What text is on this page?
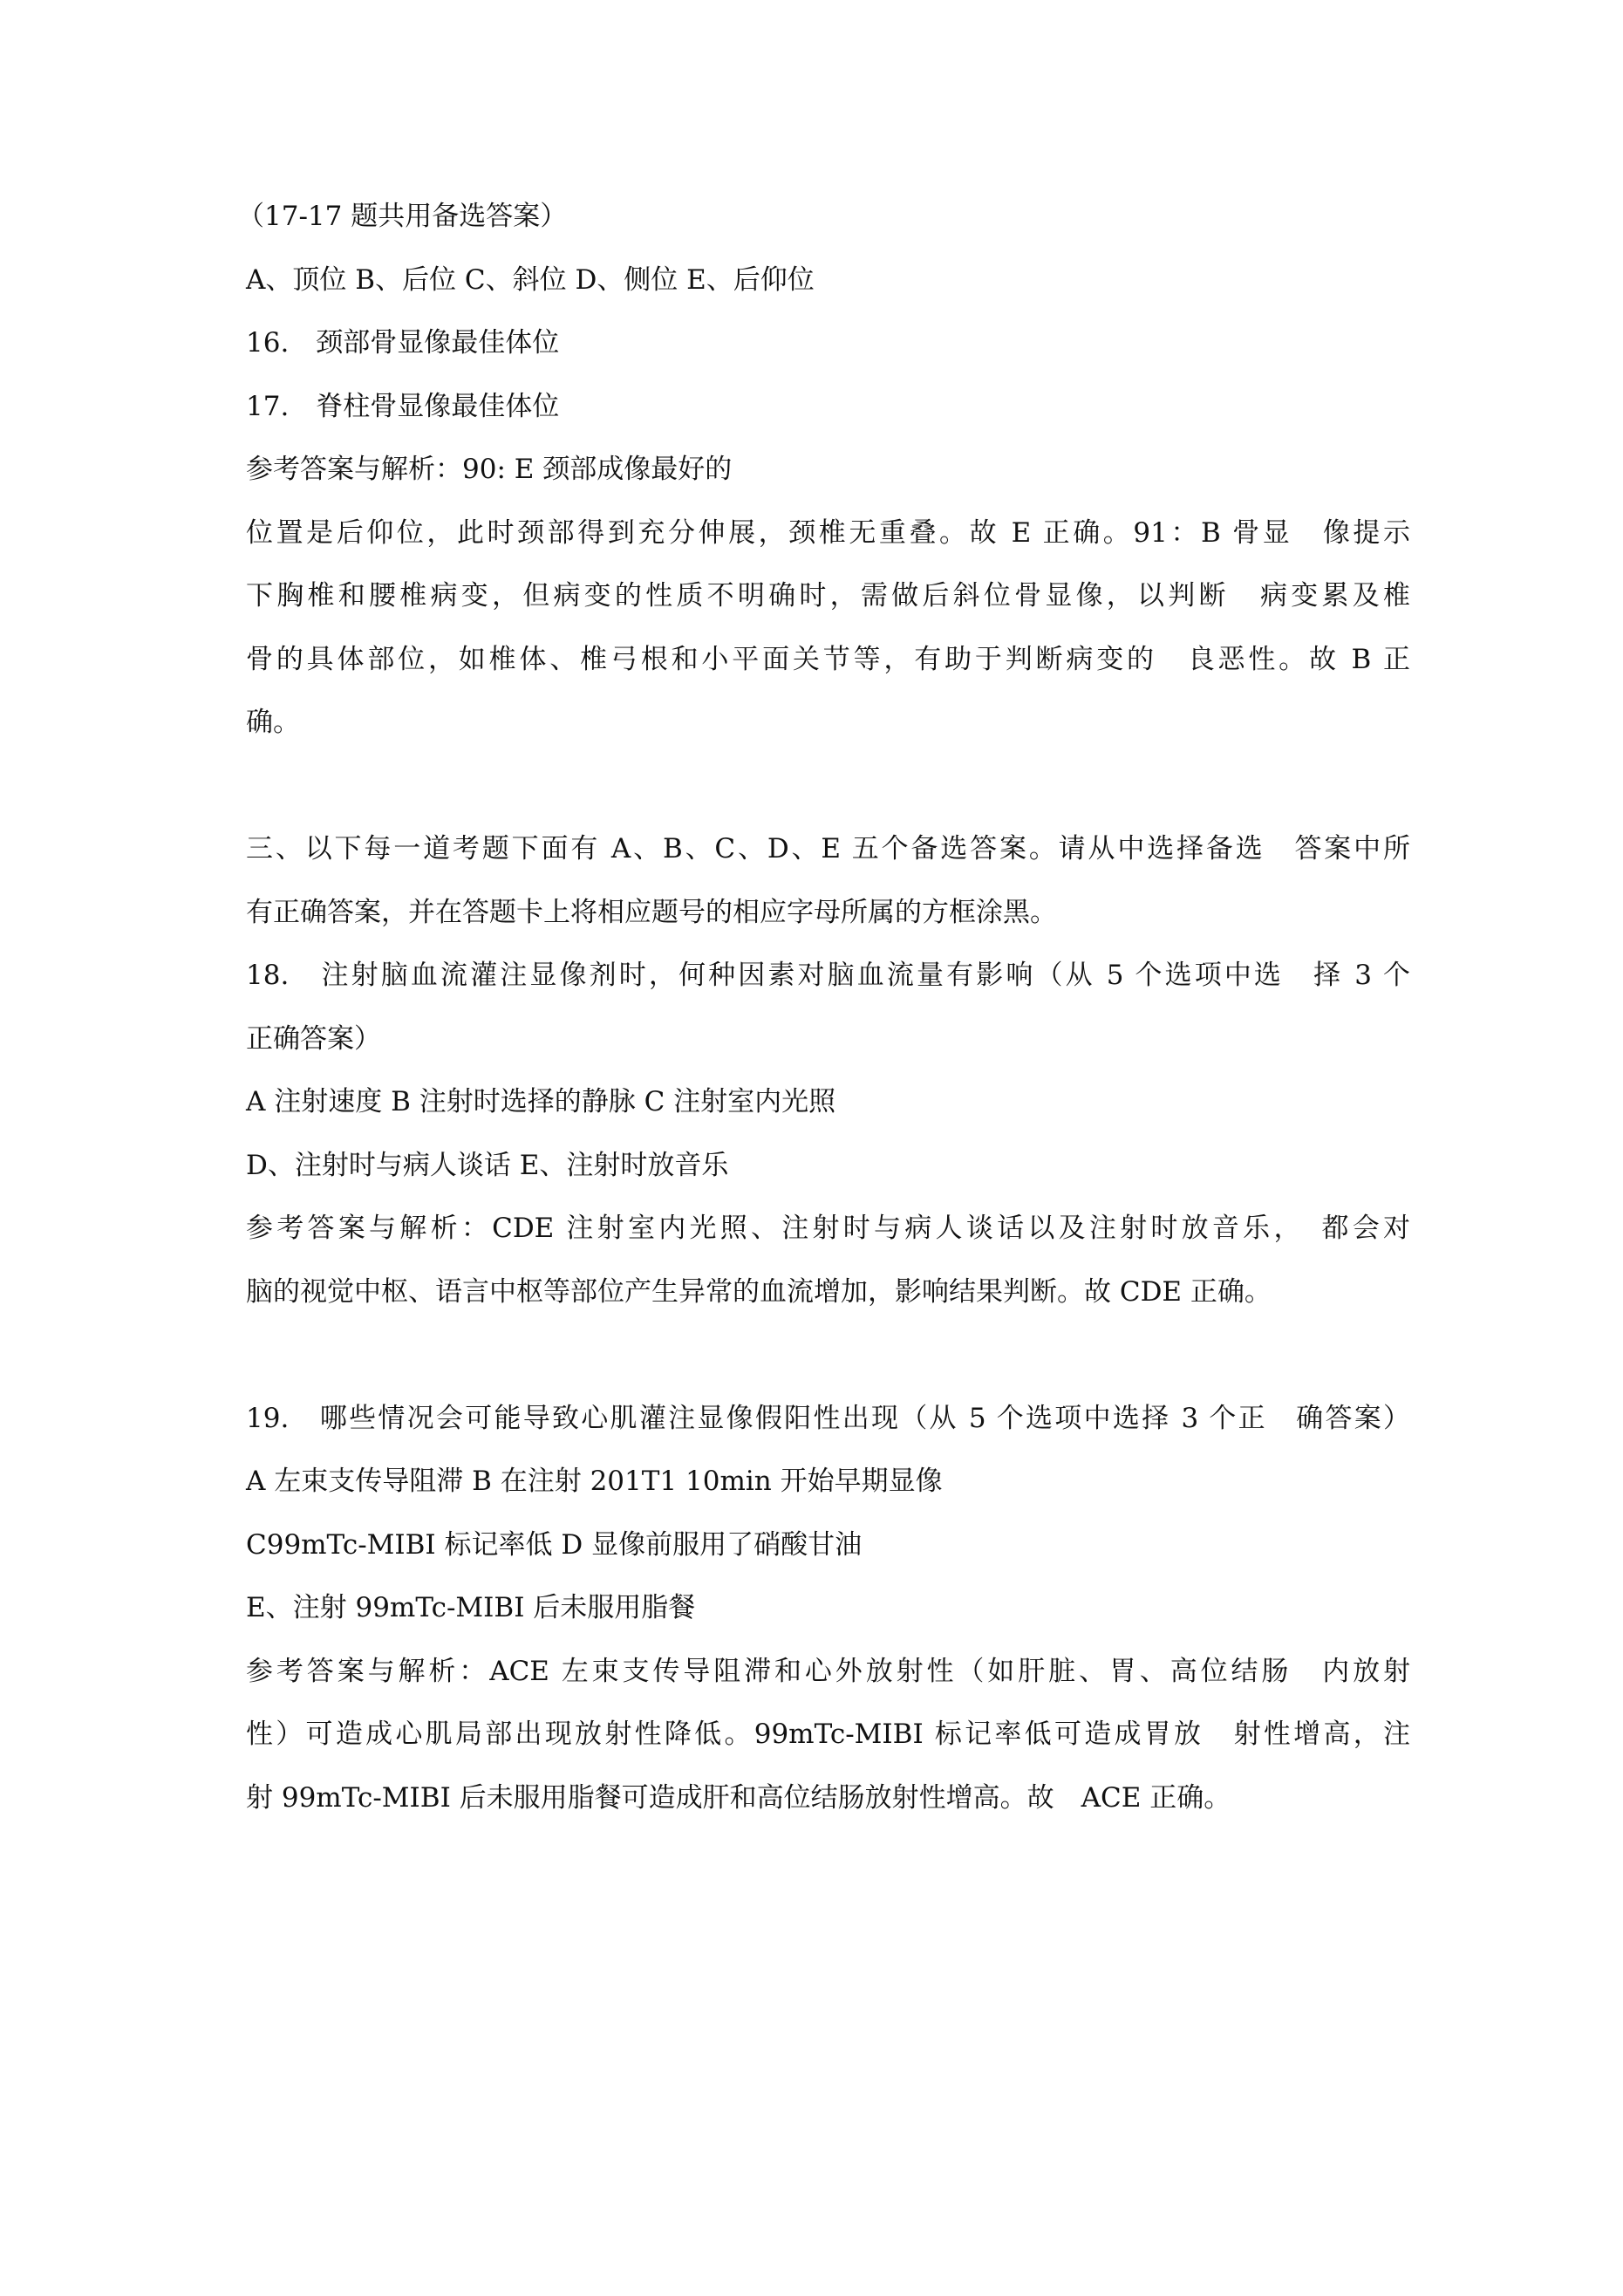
（17-17 题共用备选答案）
A、顶位 B、后位 C、斜位 D、侧位 E、后仰位
16.　颈部骨显像最佳体位
17.　脊柱骨显像最佳体位
参考答案与解析：90: E 颈部成像最好的
位置是后仰位，此时颈部得到充分伸展，颈椎无重叠。故 E 正确。91：B 骨显　像提示
下胸椎和腰椎病变，但病变的性质不明确时，需做后斜位骨显像，以判断　病变累及椎
骨的具体部位，如椎体、椎弓根和小平面关节等，有助于判断病变的　良恶性。故 B 正
确。
三、以下每一道考题下面有 A、B、C、D、E 五个备选答案。请从中选择备选　答案中所
有正确答案，并在答题卡上将相应题号的相应字母所属的方框涂黑。
18.　注射脑血流灌注显像剂时，何种因素对脑血流量有影响（从 5 个选项中选　择 3 个
正确答案）
A 注射速度 B 注射时选择的静脉 C 注射室内光照
D、注射时与病人谈话 E、注射时放音乐
参考答案与解析：CDE 注射室内光照、注射时与病人谈话以及注射时放音乐，　都会对
脑的视觉中枢、语言中枢等部位产生异常的血流增加，影响结果判断。故 CDE 正确。
19.　哪些情况会可能导致心肌灌注显像假阳性出现（从 5 个选项中选择 3 个正　确答案）
A 左束支传导阻滞 B 在注射 201T1 10min 开始早期显像
C99mTc-MIBI 标记率低 D 显像前服用了硝酸甘油
E、注射 99mTc-MIBI 后未服用脂餐
参考答案与解析：ACE 左束支传导阻滞和心外放射性（如肝脏、胃、高位结肠　内放射
性）可造成心肌局部出现放射性降低。99mTc-MIBI 标记率低可造成胃放　射性增高，注
射 99mTc-MIBI 后未服用脂餐可造成肝和高位结肠放射性增高。故　ACE 正确。
